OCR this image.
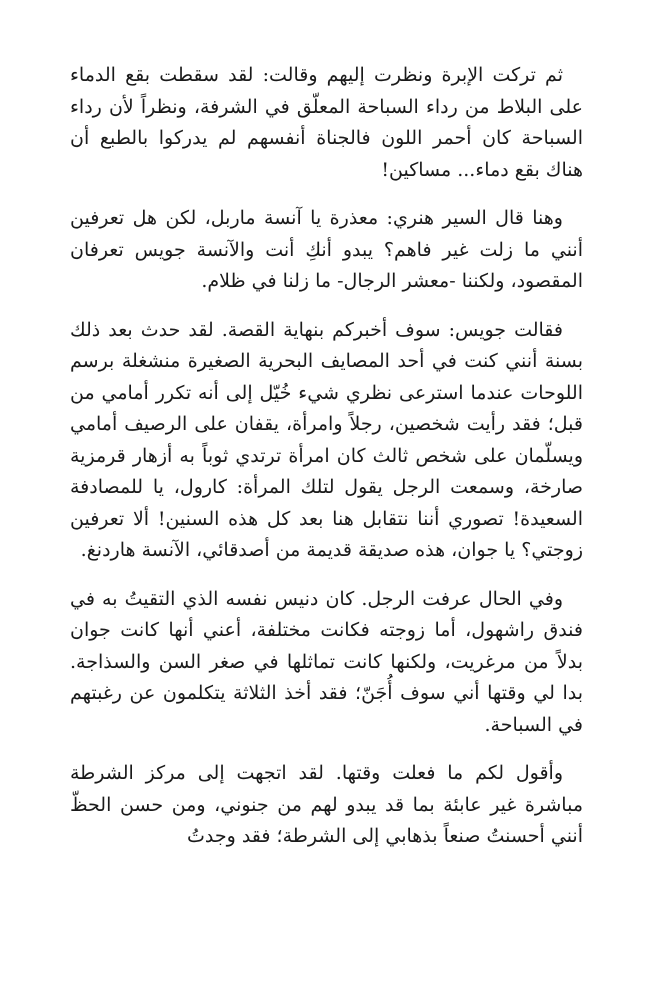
ثم تركت الإبرة ونظرت إليهم وقالت: لقد سقطت بقع الدماء على البلاط من رداء السباحة المعلّق في الشرفة، ونظراً لأن رداء السباحة كان أحمر اللون فالجناة أنفسهم لم يدركوا بالطبع أن هناك بقع دماء... مساكين!

وهنا قال السير هنري: معذرة يا آنسة ماربل، لكن هل تعرفين أنني ما زلت غير فاهم؟ يبدو أنكِ أنت والآنسة جويس تعرفان المقصود، ولكننا -معشر الرجال- ما زلنا في ظلام.

فقالت جويس: سوف أخبركم بنهاية القصة. لقد حدث بعد ذلك بسنة أنني كنت في أحد المصايف البحرية الصغيرة منشغلة برسم اللوحات عندما استرعى نظري شيء خُيّل إلى أنه تكرر أمامي من قبل؛ فقد رأيت شخصين، رجلاً وامرأة، يقفان على الرصيف أمامي ويسلّمان على شخص ثالث كان امرأة ترتدي ثوباً به أزهار قرمزية صارخة، وسمعت الرجل يقول لتلك المرأة: كارول، يا للمصادفة السعيدة! تصوري أننا نتقابل هنا بعد كل هذه السنين! ألا تعرفين زوجتي؟ يا جوان، هذه صديقة قديمة من أصدقائي، الآنسة هاردنغ.

وفي الحال عرفت الرجل. كان دنيس نفسه الذي التقيتُ به في فندق راشهول، أما زوجته فكانت مختلفة، أعني أنها كانت جوان بدلاً من مرغريت، ولكنها كانت تماثلها في صغر السن والسذاجة. بدا لي وقتها أني سوف أُجَنّ؛ فقد أخذ الثلاثة يتكلمون عن رغبتهم في السباحة.

وأقول لكم ما فعلت وقتها. لقد اتجهت إلى مركز الشرطة مباشرة غير عابئة بما قد يبدو لهم من جنوني، ومن حسن الحظّ أنني أحسنتُ صنعاً بذهابي إلى الشرطة؛ فقد وجدتُ
